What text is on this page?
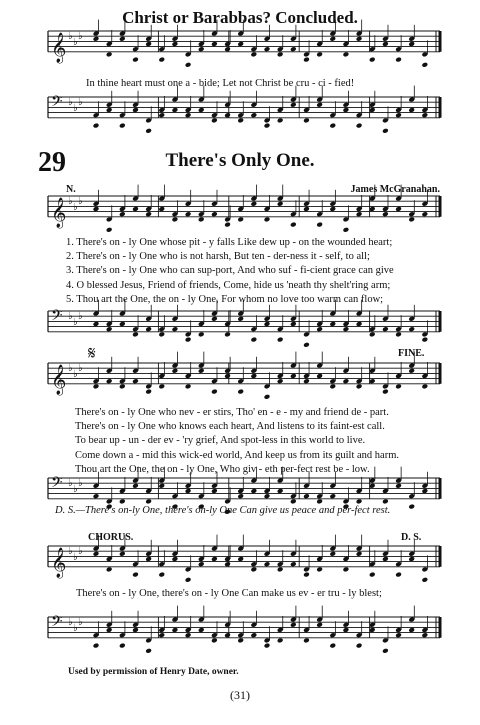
Christ or Barabbas? Concluded.
29	There's Only One.
N.	James McGranahan.
𝄞 ♭
♭
♭
𝄢 ♭
♭
♭
In thine heart must one a - bide; Let not Christ be cru - ci - fied!
𝄞 ♭
♭
♭
1. There's on - ly One whose pit - y falls Like dew up - on the wounded heart;
2. There's on - ly One who is not harsh, But ten - der-ness it - self, to all;
3. There's on - ly One who can sup-port, And who suf - fi-cient grace can give
4. O blessed Jesus, Friend of friends, Come, hide us 'neath thy shelt'ring arm;
5. Thou art the One, the on - ly One, For whom no love too warm can flow;
𝄢 ♭
♭
♭
𝄋	FINE.
𝄞 ♭
♭
♭
There's on - ly One who nev - er stirs, Tho' en - e - my and friend de - part.
There's on - ly One who knows each heart, And listens to its faint-est call.
To bear up - un - der ev - 'ry grief, And spot-less in this world to live.
Come down a - mid this wick-ed world, And keep us from its guilt and harm.
Thou art the One, the on - ly One, Who giv - eth per-fect rest be - low.
𝄢 ♭
♭
♭
D. S.—There's on-ly One, there's on-ly One Can give us peace and per-fect rest.
CHORUS.	D. S.
𝄞 ♭
♭
♭
There's on - ly One, there's on - ly One Can make us ev - er tru - ly blest;
𝄢 ♭
♭
♭
Used by permission of Henry Date, owner.
(31)
